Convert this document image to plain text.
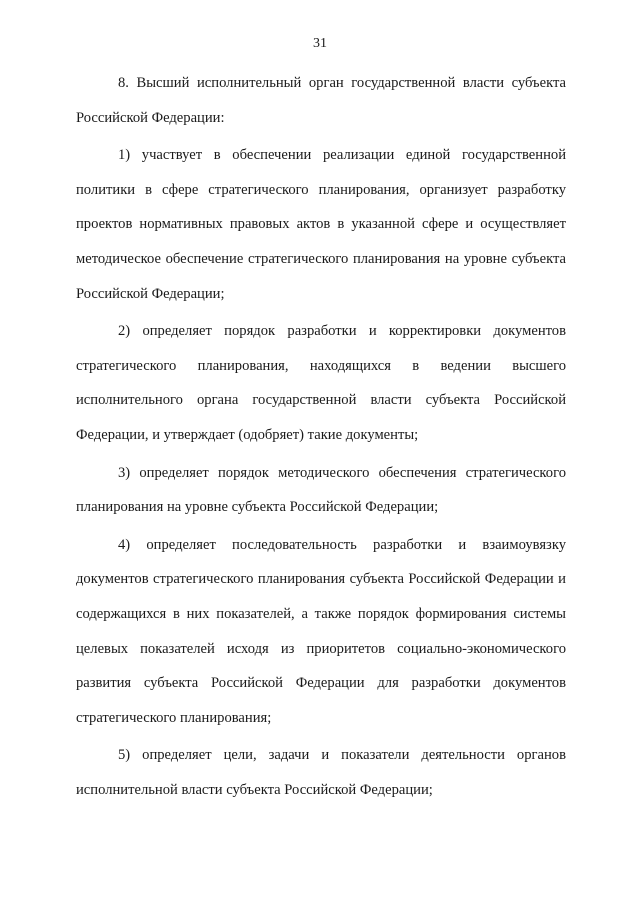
31

8. Высший исполнительный орган государственной власти субъекта Российской Федерации:

1) участвует в обеспечении реализации единой государственной политики в сфере стратегического планирования, организует разработку проектов нормативных правовых актов в указанной сфере и осуществляет методическое обеспечение стратегического планирования на уровне субъекта Российской Федерации;

2) определяет порядок разработки и корректировки документов стратегического планирования, находящихся в ведении высшего исполнительного органа государственной власти субъекта Российской Федерации, и утверждает (одобряет) такие документы;

3) определяет порядок методического обеспечения стратегического планирования на уровне субъекта Российской Федерации;

4) определяет последовательность разработки и взаимоувязку документов стратегического планирования субъекта Российской Федерации и содержащихся в них показателей, а также порядок формирования системы целевых показателей исходя из приоритетов социально-экономического развития субъекта Российской Федерации для разработки документов стратегического планирования;

5) определяет цели, задачи и показатели деятельности органов исполнительной власти субъекта Российской Федерации;
